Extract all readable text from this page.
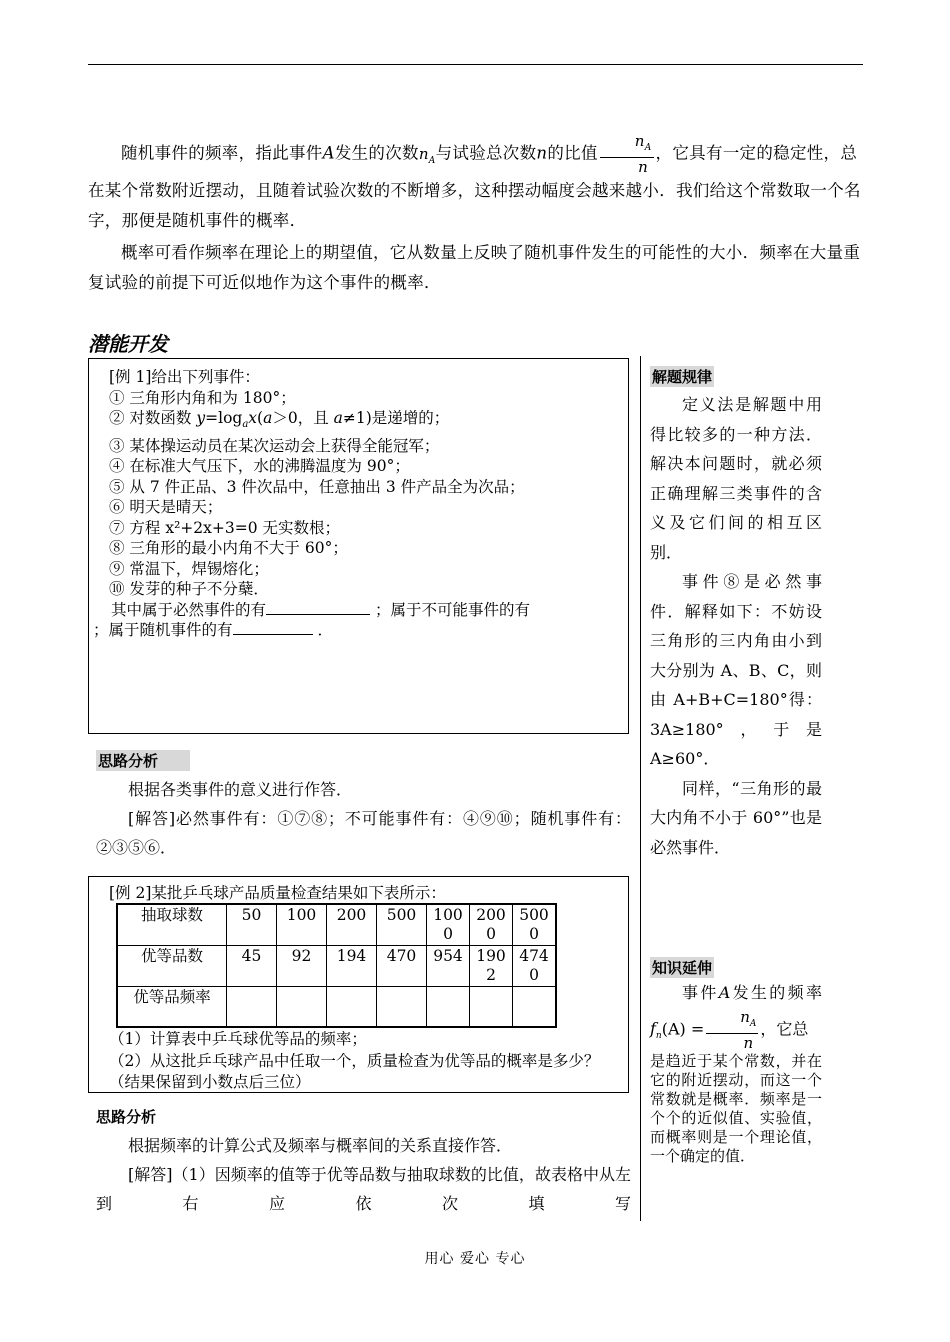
随机事件的频率，指此事件A发生的次数$n_A$与试验总次数n的比值 $\frac{n_A}{n}$ ，它具有一定的稳定性，总在某个常数附近摆动，且随着试验次数的不断增多，这种摆动幅度会越来越小．我们给这个常数取一个名字，那便是随机事件的概率．

概率可看作频率在理论上的期望值，它从数量上反映了随机事件发生的可能性的大小．频率在大量重复试验的前提下可近似地作为这个事件的概率．

潜能开发
[例 1]给出下列事件：
① 三角形内角和为 180°；
② 对数函数 $y=\log_ax(a>0$，且 a≠1)是递增的；
③ 某体操运动员在某次运动会上获得全能冠军；
④ 在标准大气压下，水的沸腾温度为 90°；
⑤ 从 7 件正品、3 件次品中，任意抽出 3 件产品全为次品；
⑥ 明天是晴天；
⑦ 方程 x²+2x+3=0 无实数根；
⑧ 三角形的最小内角不大于 60°；
⑨ 常温下，焊锡熔化；
⑩ 发芽的种子不分蘖．
其中属于必然事件的有	；属于不可能事件的有
；属于随机事件的有	．
思路分析

根据各类事件的意义进行作答．

[解答]必然事件有：①⑦⑧；不可能事件有：④⑨⑩；随机事件有：②③⑤⑥．

[例 2]某批乒乓球产品质量检查结果如下表所示：
（1）计算表中乒乓球优等品的频率；
（2）从这批乒乓球产品中任取一个，质量检查为优等品的概率是多少？（结果保留到小数点后三位）
抽取球数	50	100	200	500	1000	2000	5000
优等品数	45	92	194	470	954	1902	4740
优等品频率							
思路分析

根据频率的计算公式及频率与概率间的关系直接作答．

[解答]（1）因频率的值等于优等品数与抽取球数的比值，故表格中从左到右应依次填写

解题规律

定义法是解题中用得比较多的一种方法．解决本问题时，就必须正确理解三类事件的含义及它们间的相互区别．

事件⑧是必然事件．解释如下：不妨设三角形的三内角由小到大分别为 A、B、C，则由 A+B+C=180°得：3A≥180°，于是 A≥60°．

同样，“三角形的最大内角不小于 60°”也是必然事件．

知识延伸

事件A发生的频率 $f_n(A) = \frac{n_A}{n}$ ，它总

是趋近于某个常数，并在它的附近摆动，而这一个常数就是概率．频率是一个个的近似值、实验值，而概率则是一个理论值，一个确定的值．
用心 爱心 专心
